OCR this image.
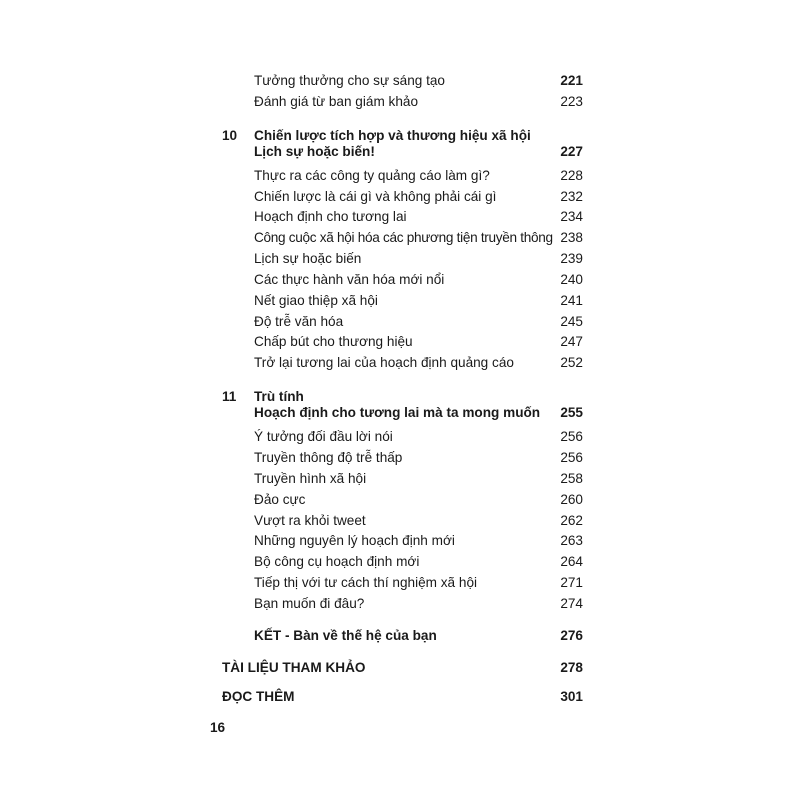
Tưởng thưởng cho sự sáng tạo	221
Đánh giá từ ban giám khảo	223
10 Chiến lược tích hợp và thương hiệu xã hội
Lịch sự hoặc biến!	227
Thực ra các công ty quảng cáo làm gì?	228
Chiến lược là cái gì và không phải cái gì	232
Hoạch định cho tương lai	234
Công cuộc xã hội hóa các phương tiện truyền thông 238
Lịch sự hoặc biến	239
Các thực hành văn hóa mới nổi	240
Nết giao thiệp xã hội	241
Độ trễ văn hóa	245
Chấp bút cho thương hiệu	247
Trở lại tương lai của hoạch định quảng cáo	252
11 Trù tính
Hoạch định cho tương lai mà ta mong muốn 255
Ý tưởng đối đầu lời nói	256
Truyền thông độ trễ thấp	256
Truyền hình xã hội	258
Đảo cực	260
Vượt ra khỏi tweet	262
Những nguyên lý hoạch định mới	263
Bộ công cụ hoạch định mới	264
Tiếp thị với tư cách thí nghiệm xã hội	271
Bạn muốn đi đâu?	274
KẾT - Bàn về thế hệ của bạn	276
TÀI LIỆU THAM KHẢO	278
ĐỌC THÊM	301
16
